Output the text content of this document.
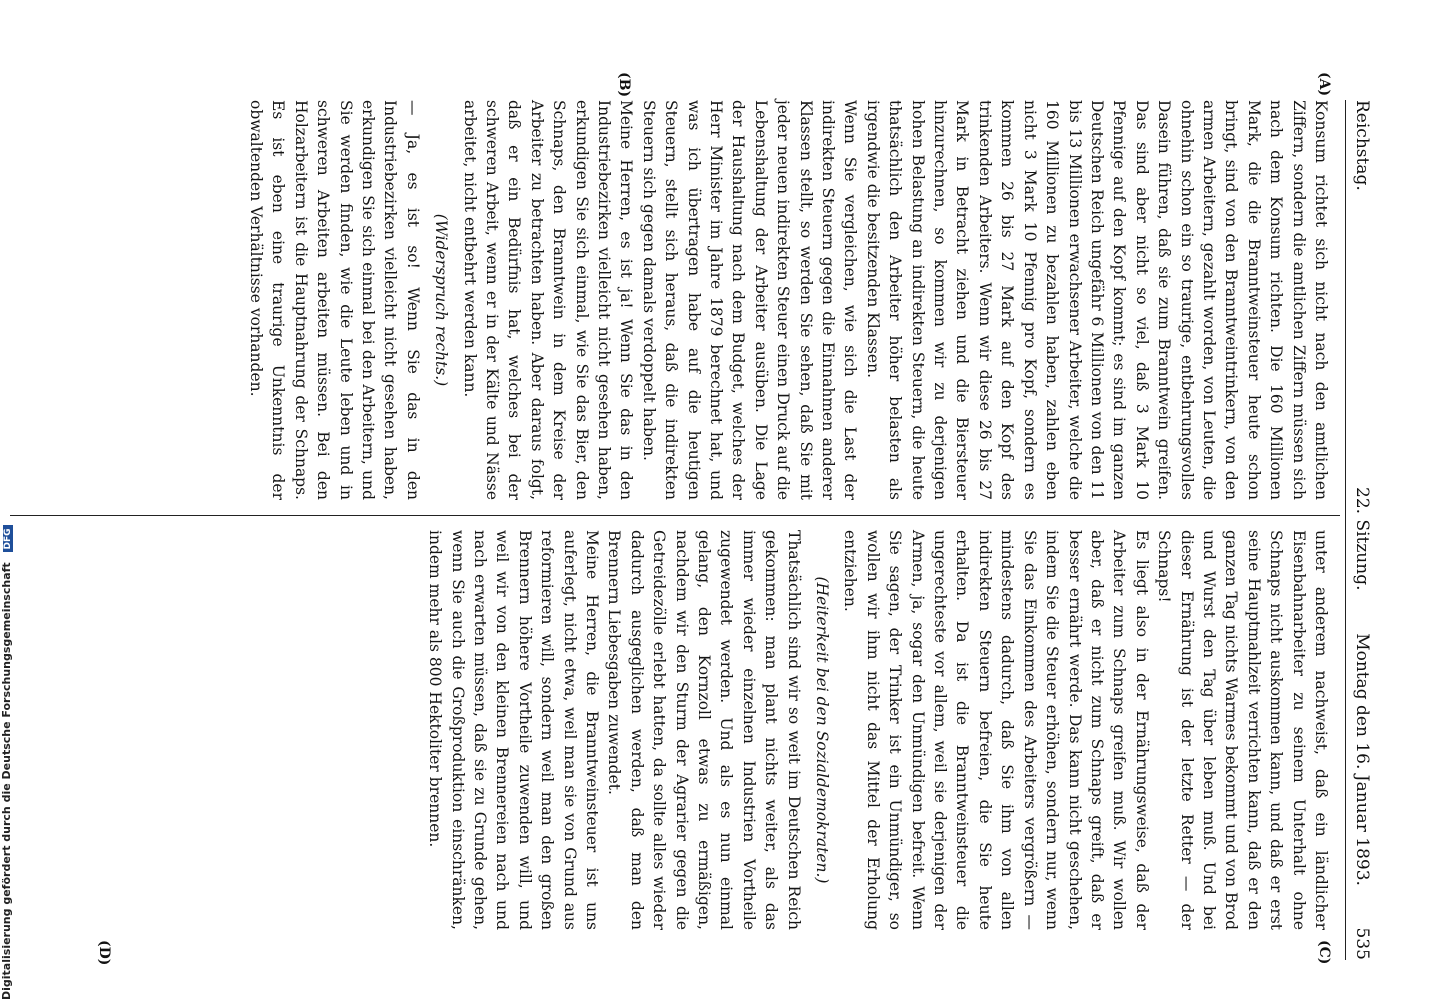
Reichstag.
22. Sitzung.
Montag den 16. Januar 1893.
535
(A)
(B)
(C)
(D)

Konsum richtet sich nicht nach den amtlichen Ziffern, sondern die amtlichen Ziffern müssen sich nach dem Konsum richten. Die 160 Millionen Mark, die die Branntweinsteuer heute schon bringt, sind von den Branntweintrinkern, von den armen Arbeitern, gezahlt worden, von Leuten, die ohnehin schon ein so traurige, entbehrungsvolles Dasein führen, daß sie zum Branntwein greifen. Das sind aber nicht so viel, daß 3 Mark 10 Pfennige auf den Kopf kommt; es sind im ganzen Deutschen Reich ungefähr 6 Millionen von den 11 bis 13 Millionen erwachsener Arbeiter, welche die 160 Millionen zu bezahlen haben, zahlen eben nicht 3 Mark 10 Pfennig pro Kopf, sondern es kommen 26 bis 27 Mark auf den Kopf des trinkenden Arbeiters. Wenn wir diese 26 bis 27 Mark in Betracht ziehen und die Biersteuer hinzurechnen, so kommen wir zu derjenigen hohen Belastung an indirekten Steuern, die heute thatsächlich den Arbeiter höher belasten als irgendwie die besitzenden Klassen.

Wenn Sie vergleichen, wie sich die Last der indirekten Steuern gegen die Einnahmen anderer Klassen stellt, so werden Sie sehen, daß Sie mit jeder neuen indirekten Steuer einen Druck auf die Lebenshaltung der Arbeiter ausüben. Die Lage der Haushaltung nach dem Budget, welches der Herr Minister im Jahre 1879 berechnet hat, und was ich übertragen habe auf die heutigen Steuern, stellt sich heraus, daß die indirekten Steuern sich gegen damals verdoppelt haben.

Meine Herren, es ist ja! Wenn Sie das in den Industriebezirken vielleicht nicht gesehen haben, erkundigen Sie sich einmal, wie Sie das Bier, den Schnaps, den Branntwein in dem Kreise der Arbeiter zu betrachten haben. Aber daraus folgt, daß er ein Bedürfnis hat, welches bei der schweren Arbeit, wenn er in der Kälte und Nässe arbeitet, nicht entbehrt werden kann.

(Widerspruch rechts.)

— Ja, es ist so! Wenn Sie das in den Industriebezirken vielleicht nicht gesehen haben, erkundigen Sie sich einmal bei den Arbeitern, und Sie werden finden, wie die Leute leben und in schweren Arbeiten arbeiten müssen. Bei den Holzarbeitern ist die Hauptnahrung der Schnaps. Es ist eben eine traurige Unkenntnis der obwaltenden Verhältnisse vorhanden.

unter anderem nachweist, daß ein ländlicher Eisenbahnarbeiter zu seinem Unterhalt ohne Schnaps nicht auskommen kann, und daß er erst seine Hauptmahlzeit verrichten kann, daß er den ganzen Tag nichts Warmes bekommt und von Brod und Wurst den Tag über leben muß. Und bei dieser Ernährung ist der letzte Retter — der Schnaps!

Es liegt also in der Ernährungsweise, daß der Arbeiter zum Schnaps greifen muß. Wir wollen aber, daß er nicht zum Schnaps greift, daß er besser ernährt werde. Das kann nicht geschehen, indem Sie die Steuer erhöhen, sondern nur, wenn Sie das Einkommen des Arbeiters vergrößern — mindestens dadurch, daß Sie ihm von allen indirekten Steuern befreien, die Sie heute erhalten. Da ist die Branntweinsteuer die ungerechteste vor allem, weil sie derjenigen der Armen, ja, sogar den Unmündigen befreit. Wenn Sie sagen, der Trinker ist ein Unmündiger, so wollen wir ihm nicht das Mittel der Erholung entziehen.

(Heiterkeit bei den Sozialdemokraten.)

Thatsächlich sind wir so weit im Deutschen Reich gekommen: man plant nichts weiter, als das immer wieder einzelnen Industrien Vortheile zugewendet werden. Und als es nun einmal gelang, den Kornzoll etwas zu ermäßigen, nachdem wir den Sturm der Agrarier gegen die Getreidezölle erlebt hatten, da sollte alles wieder dadurch ausgeglichen werden, daß man den Brennern Liebesgaben zuwendet.

Meine Herren, die Branntweinsteuer ist uns auferlegt, nicht etwa, weil man sie von Grund aus reformieren will, sondern weil man den großen Brennern höhere Vortheile zuwenden will, und weil wir von den kleinen Brennereien nach und nach erwarten müssen, daß sie zu Grunde gehen, wenn Sie auch die Großproduktion einschränken, indem mehr als 800 Hektoliter brennen.

Digitalisierung gefördert durch die Deutsche Forschungsgemeinschaft DFG
